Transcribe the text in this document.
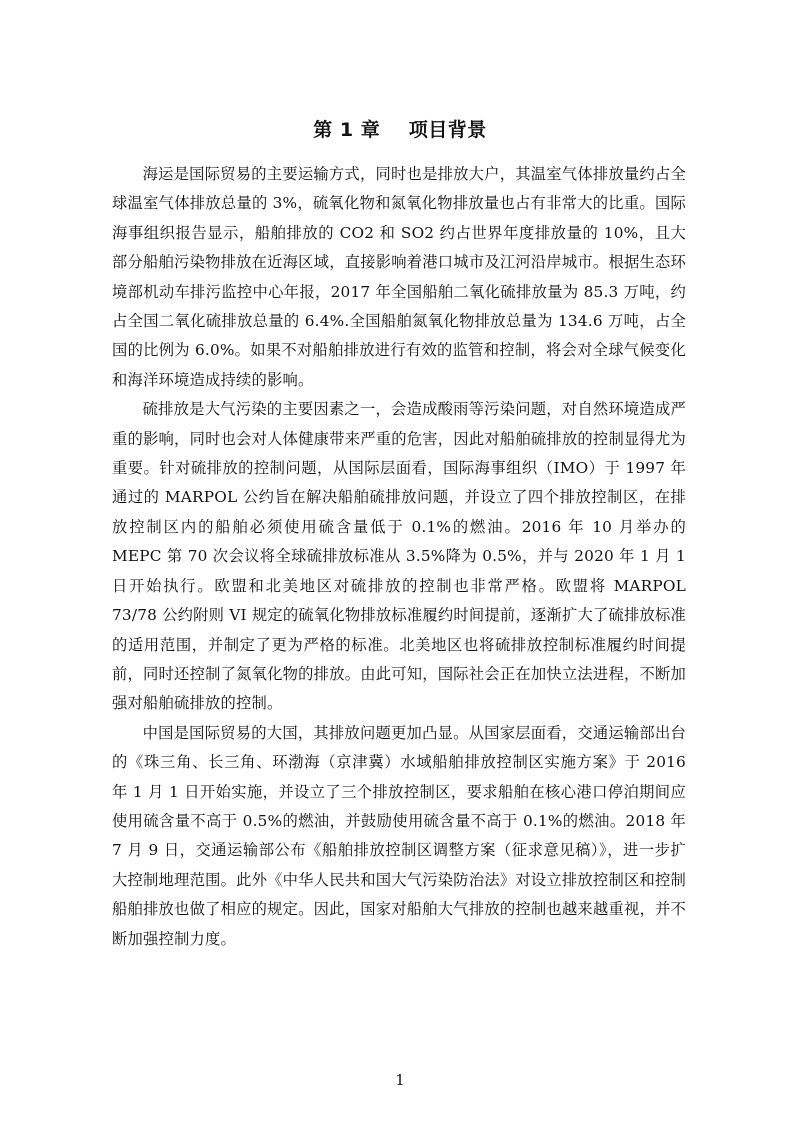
第 1 章    项目背景

海运是国际贸易的主要运输方式，同时也是排放大户，其温室气体排放量约占全球温室气体排放总量的 3%，硫氧化物和氮氧化物排放量也占有非常大的比重。国际海事组织报告显示，船舶排放的 CO2 和 SO2 约占世界年度排放量的 10%，且大部分船舶污染物排放在近海区域，直接影响着港口城市及江河沿岸城市。根据生态环境部机动车排污监控中心年报，2017 年全国船舶二氧化硫排放量为 85.3 万吨，约占全国二氧化硫排放总量的 6.4%.全国船舶氮氧化物排放总量为 134.6 万吨，占全国的比例为 6.0%。如果不对船舶排放进行有效的监管和控制，将会对全球气候变化和海洋环境造成持续的影响。

硫排放是大气污染的主要因素之一，会造成酸雨等污染问题，对自然环境造成严重的影响，同时也会对人体健康带来严重的危害，因此对船舶硫排放的控制显得尤为重要。针对硫排放的控制问题，从国际层面看，国际海事组织（IMO）于 1997 年通过的 MARPOL 公约旨在解决船舶硫排放问题，并设立了四个排放控制区，在排放控制区内的船舶必须使用硫含量低于 0.1%的燃油。2016 年 10 月举办的 MEPC 第 70 次会议将全球硫排放标准从 3.5%降为 0.5%，并与 2020 年 1 月 1 日开始执行。欧盟和北美地区对硫排放的控制也非常严格。欧盟将 MARPOL 73/78 公约附则 VI 规定的硫氧化物排放标准履约时间提前，逐渐扩大了硫排放标准的适用范围，并制定了更为严格的标准。北美地区也将硫排放控制标准履约时间提前，同时还控制了氮氧化物的排放。由此可知，国际社会正在加快立法进程，不断加强对船舶硫排放的控制。

中国是国际贸易的大国，其排放问题更加凸显。从国家层面看，交通运输部出台的《珠三角、长三角、环渤海（京津冀）水域船舶排放控制区实施方案》于 2016 年 1 月 1 日开始实施，并设立了三个排放控制区，要求船舶在核心港口停泊期间应使用硫含量不高于 0.5%的燃油，并鼓励使用硫含量不高于 0.1%的燃油。2018 年 7 月 9 日，交通运输部公布《船舶排放控制区调整方案（征求意见稿）》，进一步扩大控制地理范围。此外《中华人民共和国大气污染防治法》对设立排放控制区和控制船舶排放也做了相应的规定。因此，国家对船舶大气排放的控制也越来越重视，并不断加强控制力度。

1
